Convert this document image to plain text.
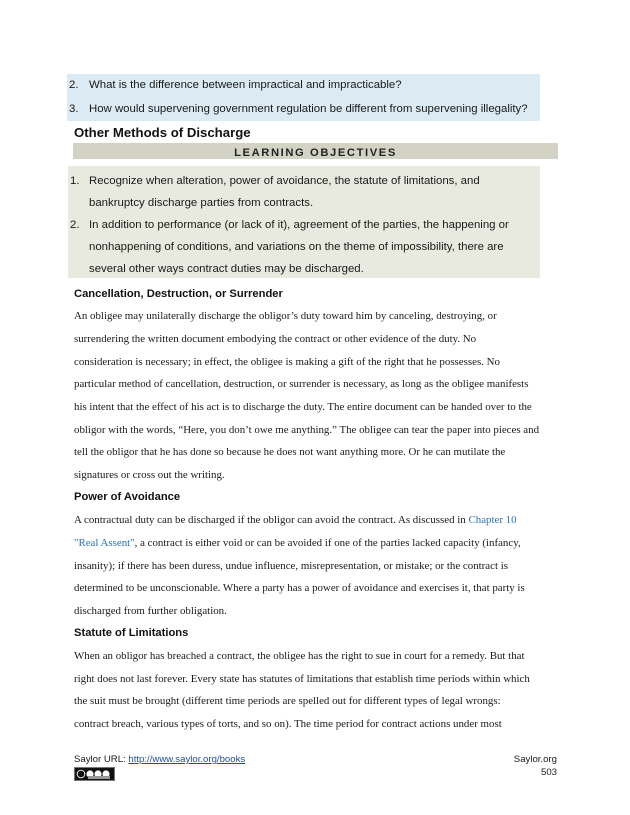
2. What is the difference between impractical and impracticable?
3. How would supervening government regulation be different from supervening illegality?
Other Methods of Discharge
LEARNING OBJECTIVES
1. Recognize when alteration, power of avoidance, the statute of limitations, and
bankruptcy discharge parties from contracts.
2. In addition to performance (or lack of it), agreement of the parties, the happening or
nonhappening of conditions, and variations on the theme of impossibility, there are
several other ways contract duties may be discharged.
Cancellation, Destruction, or Surrender
An obligee may unilaterally discharge the obligor’s duty toward him by canceling, destroying, or
surrendering the written document embodying the contract or other evidence of the duty. No
consideration is necessary; in effect, the obligee is making a gift of the right that he possesses. No
particular method of cancellation, destruction, or surrender is necessary, as long as the obligee manifests
his intent that the effect of his act is to discharge the duty. The entire document can be handed over to the
obligor with the words, “Here, you don’t owe me anything.” The obligee can tear the paper into pieces and
tell the obligor that he has done so because he does not want anything more. Or he can mutilate the
signatures or cross out the writing.
Power of Avoidance
A contractual duty can be discharged if the obligor can avoid the contract. As discussed in Chapter 10
"Real Assent", a contract is either void or can be avoided if one of the parties lacked capacity (infancy,
insanity); if there has been duress, undue influence, misrepresentation, or mistake; or the contract is
determined to be unconscionable. Where a party has a power of avoidance and exercises it, that party is
discharged from further obligation.
Statute of Limitations
When an obligor has breached a contract, the obligee has the right to sue in court for a remedy. But that
right does not last forever. Every state has statutes of limitations that establish time periods within which
the suit must be brought (different time periods are spelled out for different types of legal wrongs:
contract breach, various types of torts, and so on). The time period for contract actions under most
Saylor URL: http://www.saylor.org/books	Saylor.org
503
